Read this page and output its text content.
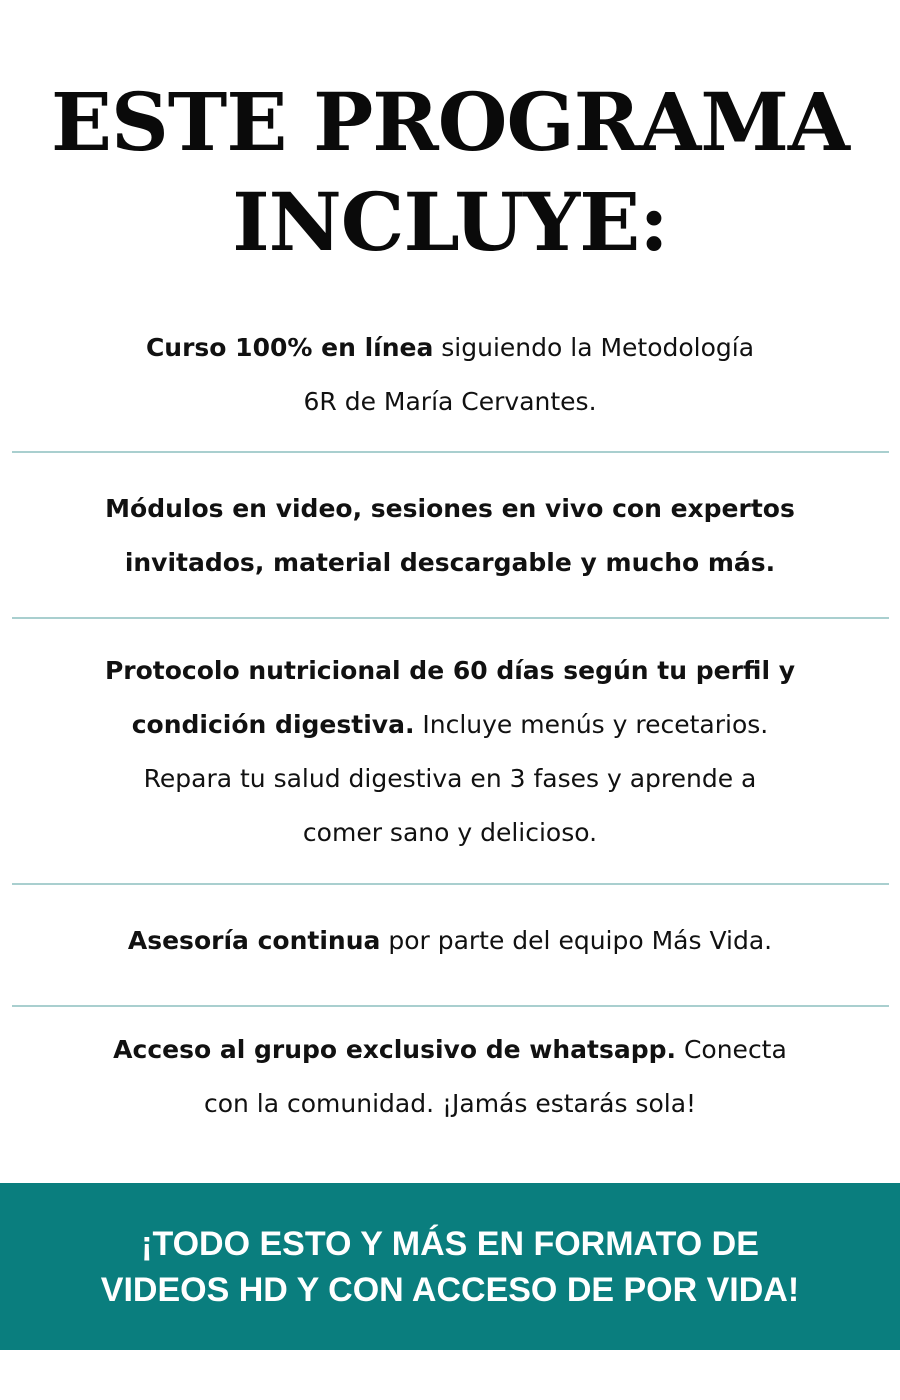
ESTE PROGRAMA
INCLUYE:
Curso 100% en línea siguiendo la Metodología
6R de María Cervantes.
Módulos en video, sesiones en vivo con expertos
invitados, material descargable y mucho más.
Protocolo nutricional de 60 días según tu perfil y
condición digestiva. Incluye menús y recetarios.
Repara tu salud digestiva en 3 fases y aprende a
comer sano y delicioso.
Asesoría continua por parte del equipo Más Vida.
Acceso al grupo exclusivo de whatsapp. Conecta
con la comunidad. ¡Jamás estarás sola!

¡TODO ESTO Y MÁS EN FORMATO DE
VIDEOS HD Y CON ACCESO DE POR VIDA!
